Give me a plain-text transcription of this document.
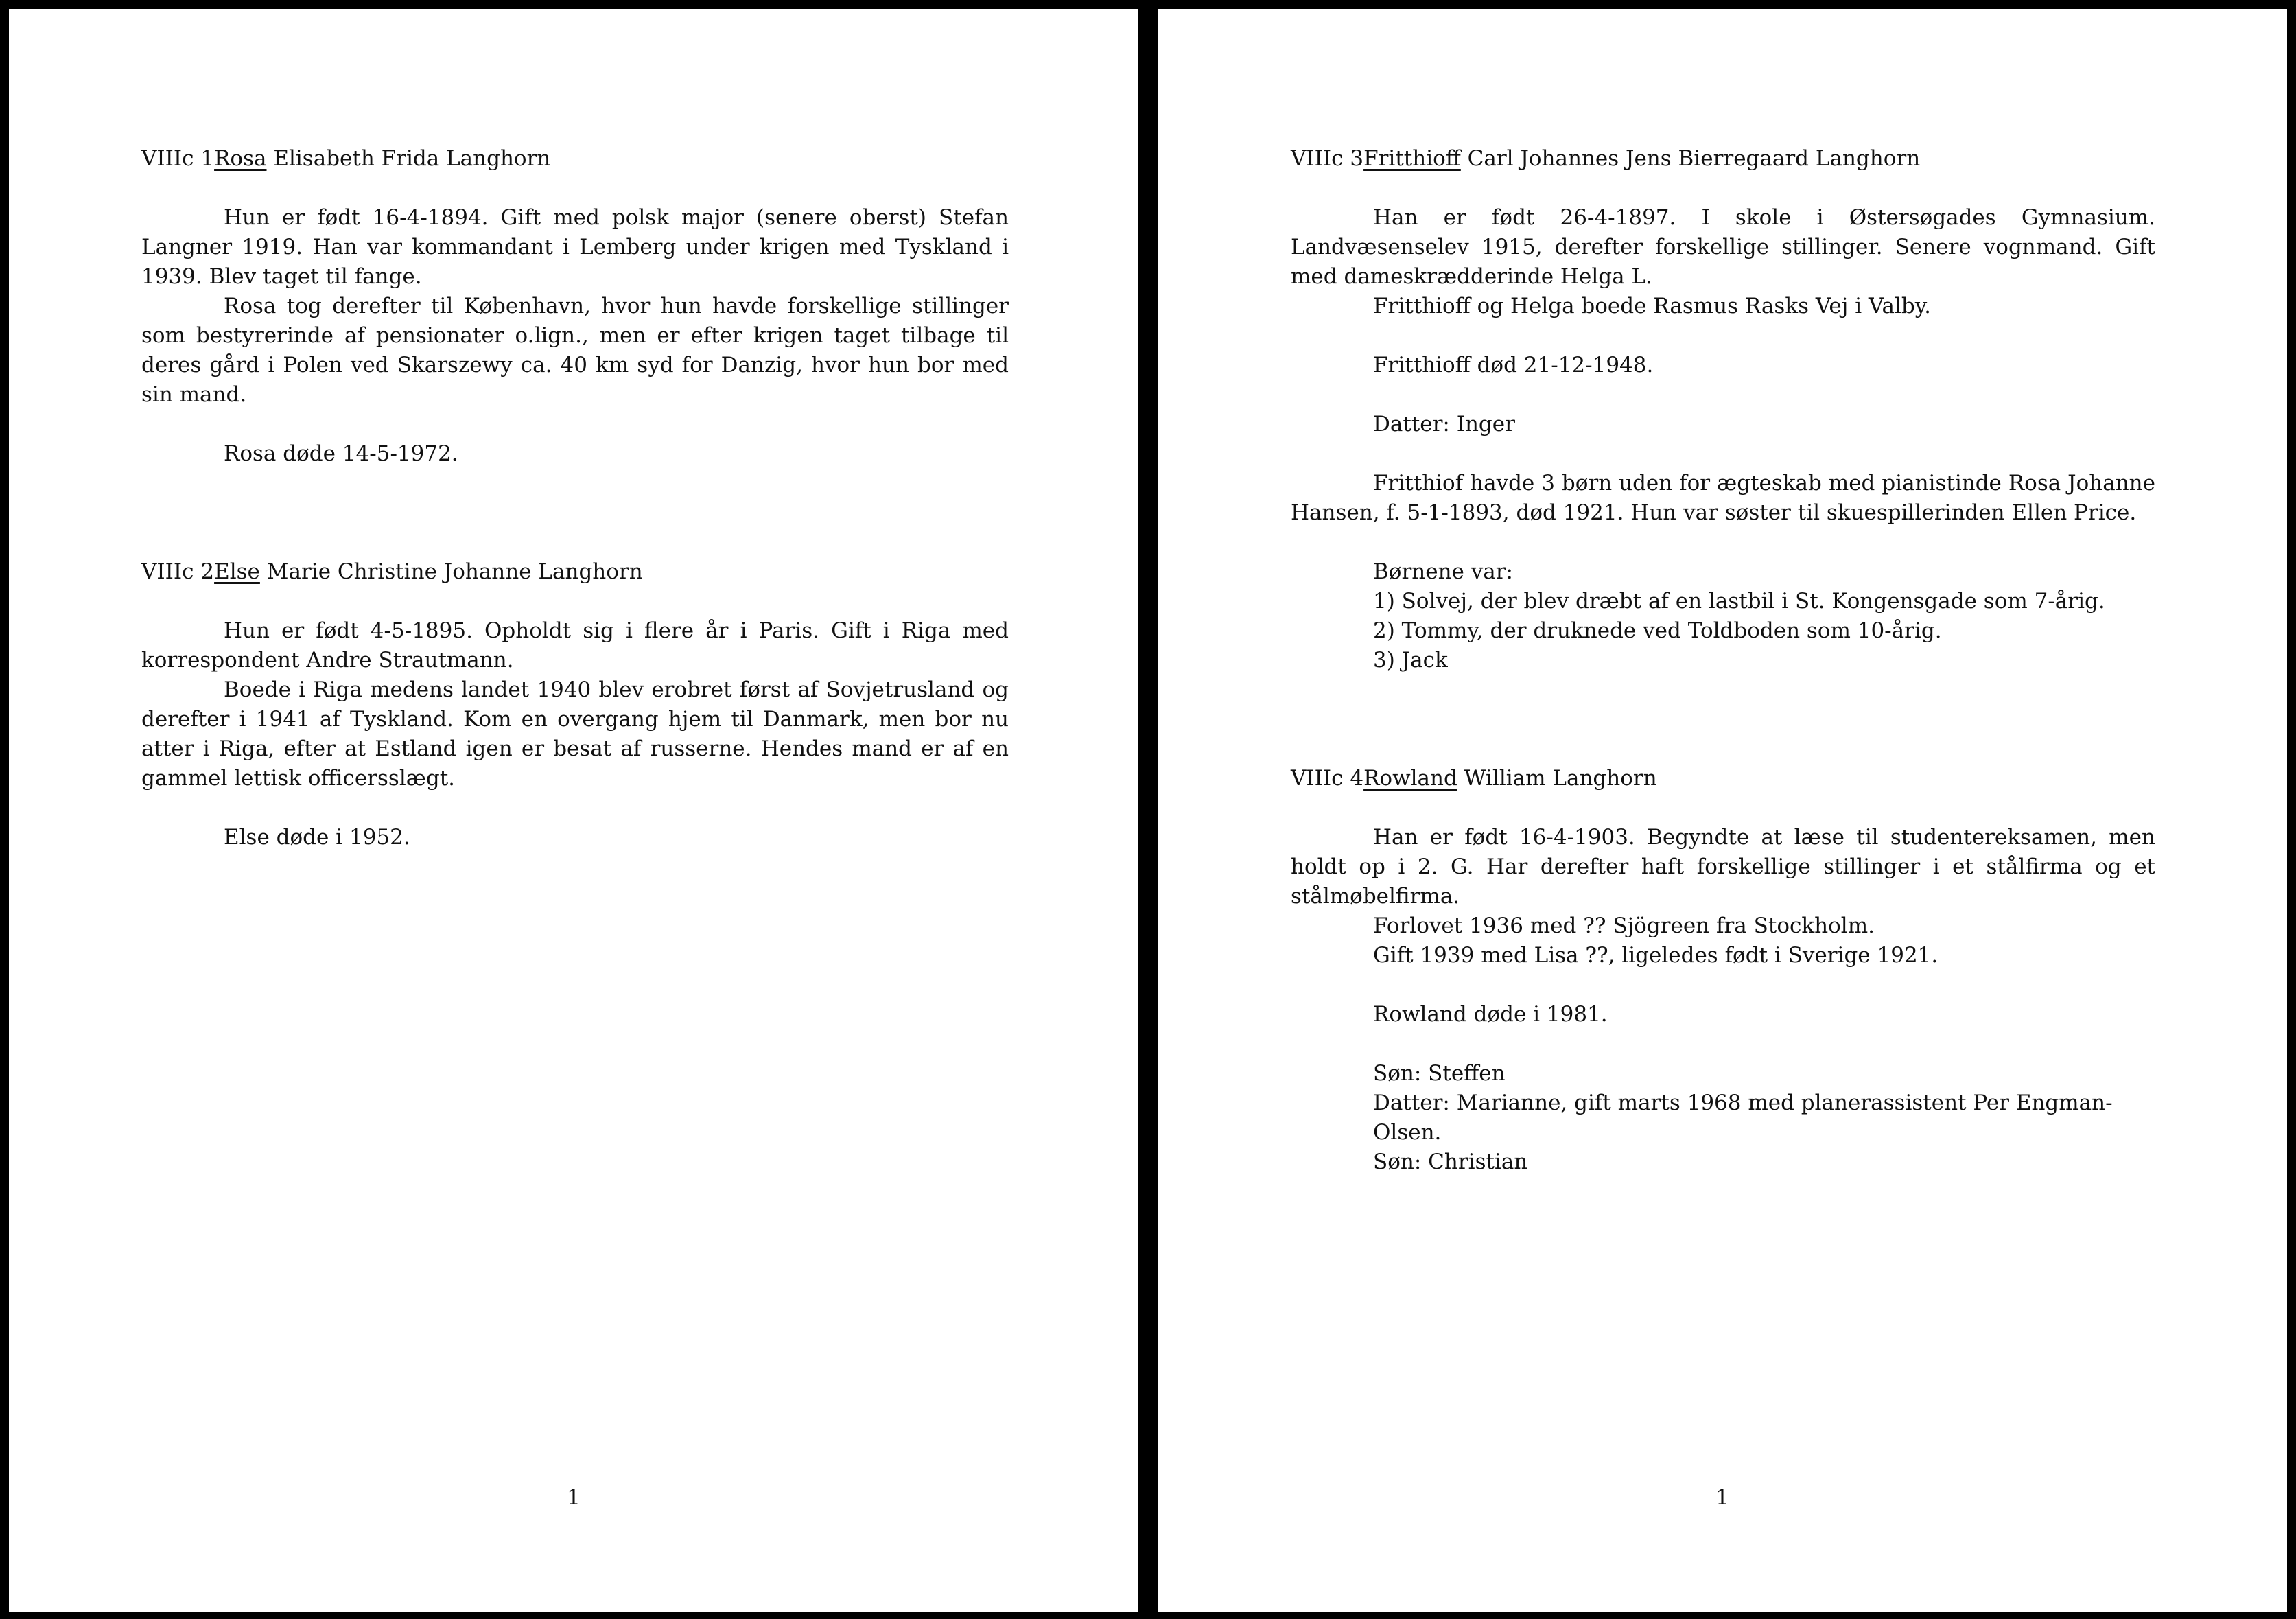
VIIIc 1Rosa Elisabeth Frida Langhorn

Hun er født 16-4-1894. Gift med polsk major (senere oberst) Stefan Langner 1919. Han var kommandant i Lemberg under krigen med Tyskland i 1939. Blev taget til fange.

Rosa tog derefter til København, hvor hun havde forskellige stillinger som bestyrerinde af pensionater o.lign., men er efter krigen taget tilbage til deres gård i Polen ved Skarszewy ca. 40 km syd for Danzig, hvor hun bor med sin mand.

Rosa døde 14-5-1972.

VIIIc 2Else Marie Christine Johanne Langhorn

Hun er født 4-5-1895. Opholdt sig i flere år i Paris. Gift i Riga med korrespondent Andre Strautmann.

Boede i Riga medens landet 1940 blev erobret først af Sovjetrusland og derefter i 1941 af Tyskland. Kom en overgang hjem til Danmark, men bor nu atter i Riga, efter at Estland igen er besat af russerne. Hendes mand er af en gammel lettisk officersslægt.

Else døde i 1952.

1

VIIIc 3Fritthioff Carl Johannes Jens Bierregaard Langhorn

Han er født 26-4-1897. I skole i Østersøgades Gymnasium. Landvæsenselev 1915, derefter forskellige stillinger. Senere vognmand. Gift med dameskrædderinde Helga L.

Fritthioff og Helga boede Rasmus Rasks Vej i Valby.

Fritthioff død 21-12-1948.

Datter: Inger

Fritthiof havde 3 børn uden for ægteskab med pianistinde Rosa Johanne Hansen, f. 5-1-1893, død 1921. Hun var søster til skuespillerinden Ellen Price.

Børnene var:

1) Solvej, der blev dræbt af en lastbil i St. Kongensgade som 7-årig.

2) Tommy, der druknede ved Toldboden som 10-årig.

3) Jack

VIIIc 4Rowland William Langhorn

Han er født 16-4-1903. Begyndte at læse til studentereksamen, men holdt op i 2. G. Har derefter haft forskellige stillinger i et stålfirma og et stålmøbelfirma.

Forlovet 1936 med ?? Sjögreen fra Stockholm.

Gift 1939 med Lisa ??, ligeledes født i Sverige 1921.

Rowland døde i 1981.

Søn: Steffen

Datter: Marianne, gift marts 1968 med planerassistent Per Engman-Olsen.

Søn: Christian

1
